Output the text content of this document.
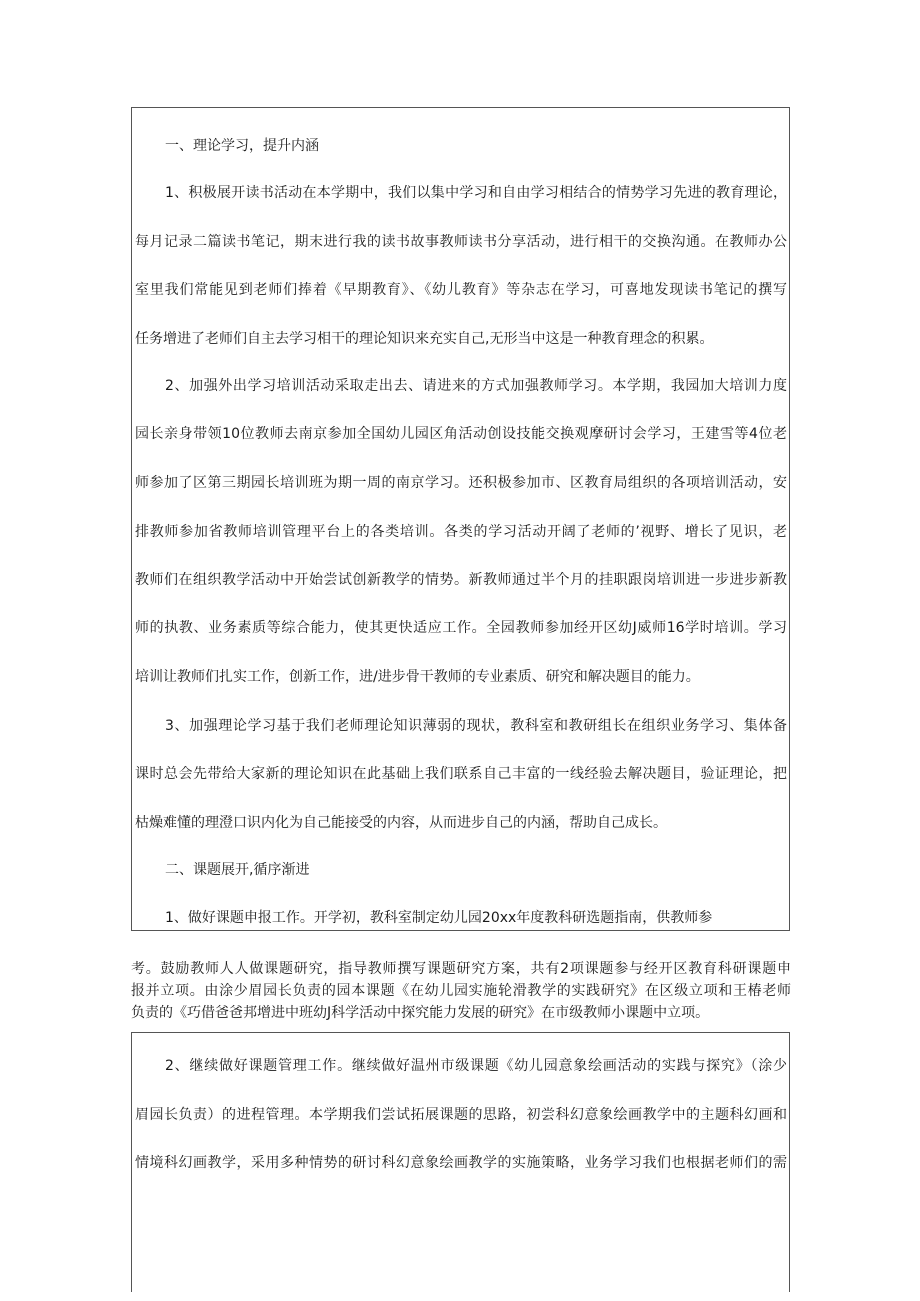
一、理论学习，提升内涵

1、积极展开读书活动在本学期中，我们以集中学习和自由学习相结合的情势学习先进的教育理论，

每月记录二篇读书笔记，期末进行我的读书故事教师读书分享活动，进行相干的交换沟通。在教师办公

室里我们常能见到老师们捧着《早期教育》、《幼儿教育》等杂志在学习，可喜地发现读书笔记的撰写

任务增进了老师们自主去学习相干的理论知识来充实自己,无形当中这是一种教育理念的积累。

2、加强外出学习培训活动采取走出去、请进来的方式加强教师学习。本学期，我园加大培训力度

园长亲身带领10位教师去南京参加全国幼儿园区角活动创设技能交换观摩研讨会学习，王建雪等4位老

师参加了区第三期园长培训班为期一周的南京学习。还积极参加市、区教育局组织的各项培训活动，安

排教师参加省教师培训管理平台上的各类培训。各类的学习活动开阔了老师的’视野、增长了见识，老

教师们在组织教学活动中开始尝试创新教学的情势。新教师通过半个月的挂职跟岗培训进一步进步新教

师的执教、业务素质等综合能力，使其更快适应工作。全园教师参加经开区幼J威师16学时培训。学习

培训让教师们扎实工作，创新工作，进/进步骨干教师的专业素质、研究和解决题目的能力。

3、加强理论学习基于我们老师理论知识薄弱的现状，教科室和教研组长在组织业务学习、集体备

课时总会先带给大家新的理论知识在此基础上我们联系自己丰富的一线经验去解决题目，验证理论，把

枯燥难懂的理澄口识内化为自己能接受的内容，从而进步自己的内涵，帮助自己成长。

二、课题展开,循序渐进

1、做好课题申报工作。开学初，教科室制定幼儿园20xx年度教科研选题指南，供教师参

考。鼓励教师人人做课题研究，指导教师撰写课题研究方案，共有2项课题参与经开区教育科研课题申

报并立项。由涂少眉园长负责的园本课题《在幼儿园实施轮滑教学的实践研究》在区级立项和王椿老师

负责的《巧借爸爸邦增进中班幼J科学活动中探究能力发展的研究》在市级教师小课题中立项。

2、继续做好课题管理工作。继续做好温州市级课题《幼儿园意象绘画活动的实践与探究》（涂少

眉园长负责）的进程管理。本学期我们尝试拓展课题的思路，初尝科幻意象绘画教学中的主题科幻画和

情境科幻画教学，采用多种情势的研讨科幻意象绘画教学的实施策略，业务学习我们也根据老师们的需
